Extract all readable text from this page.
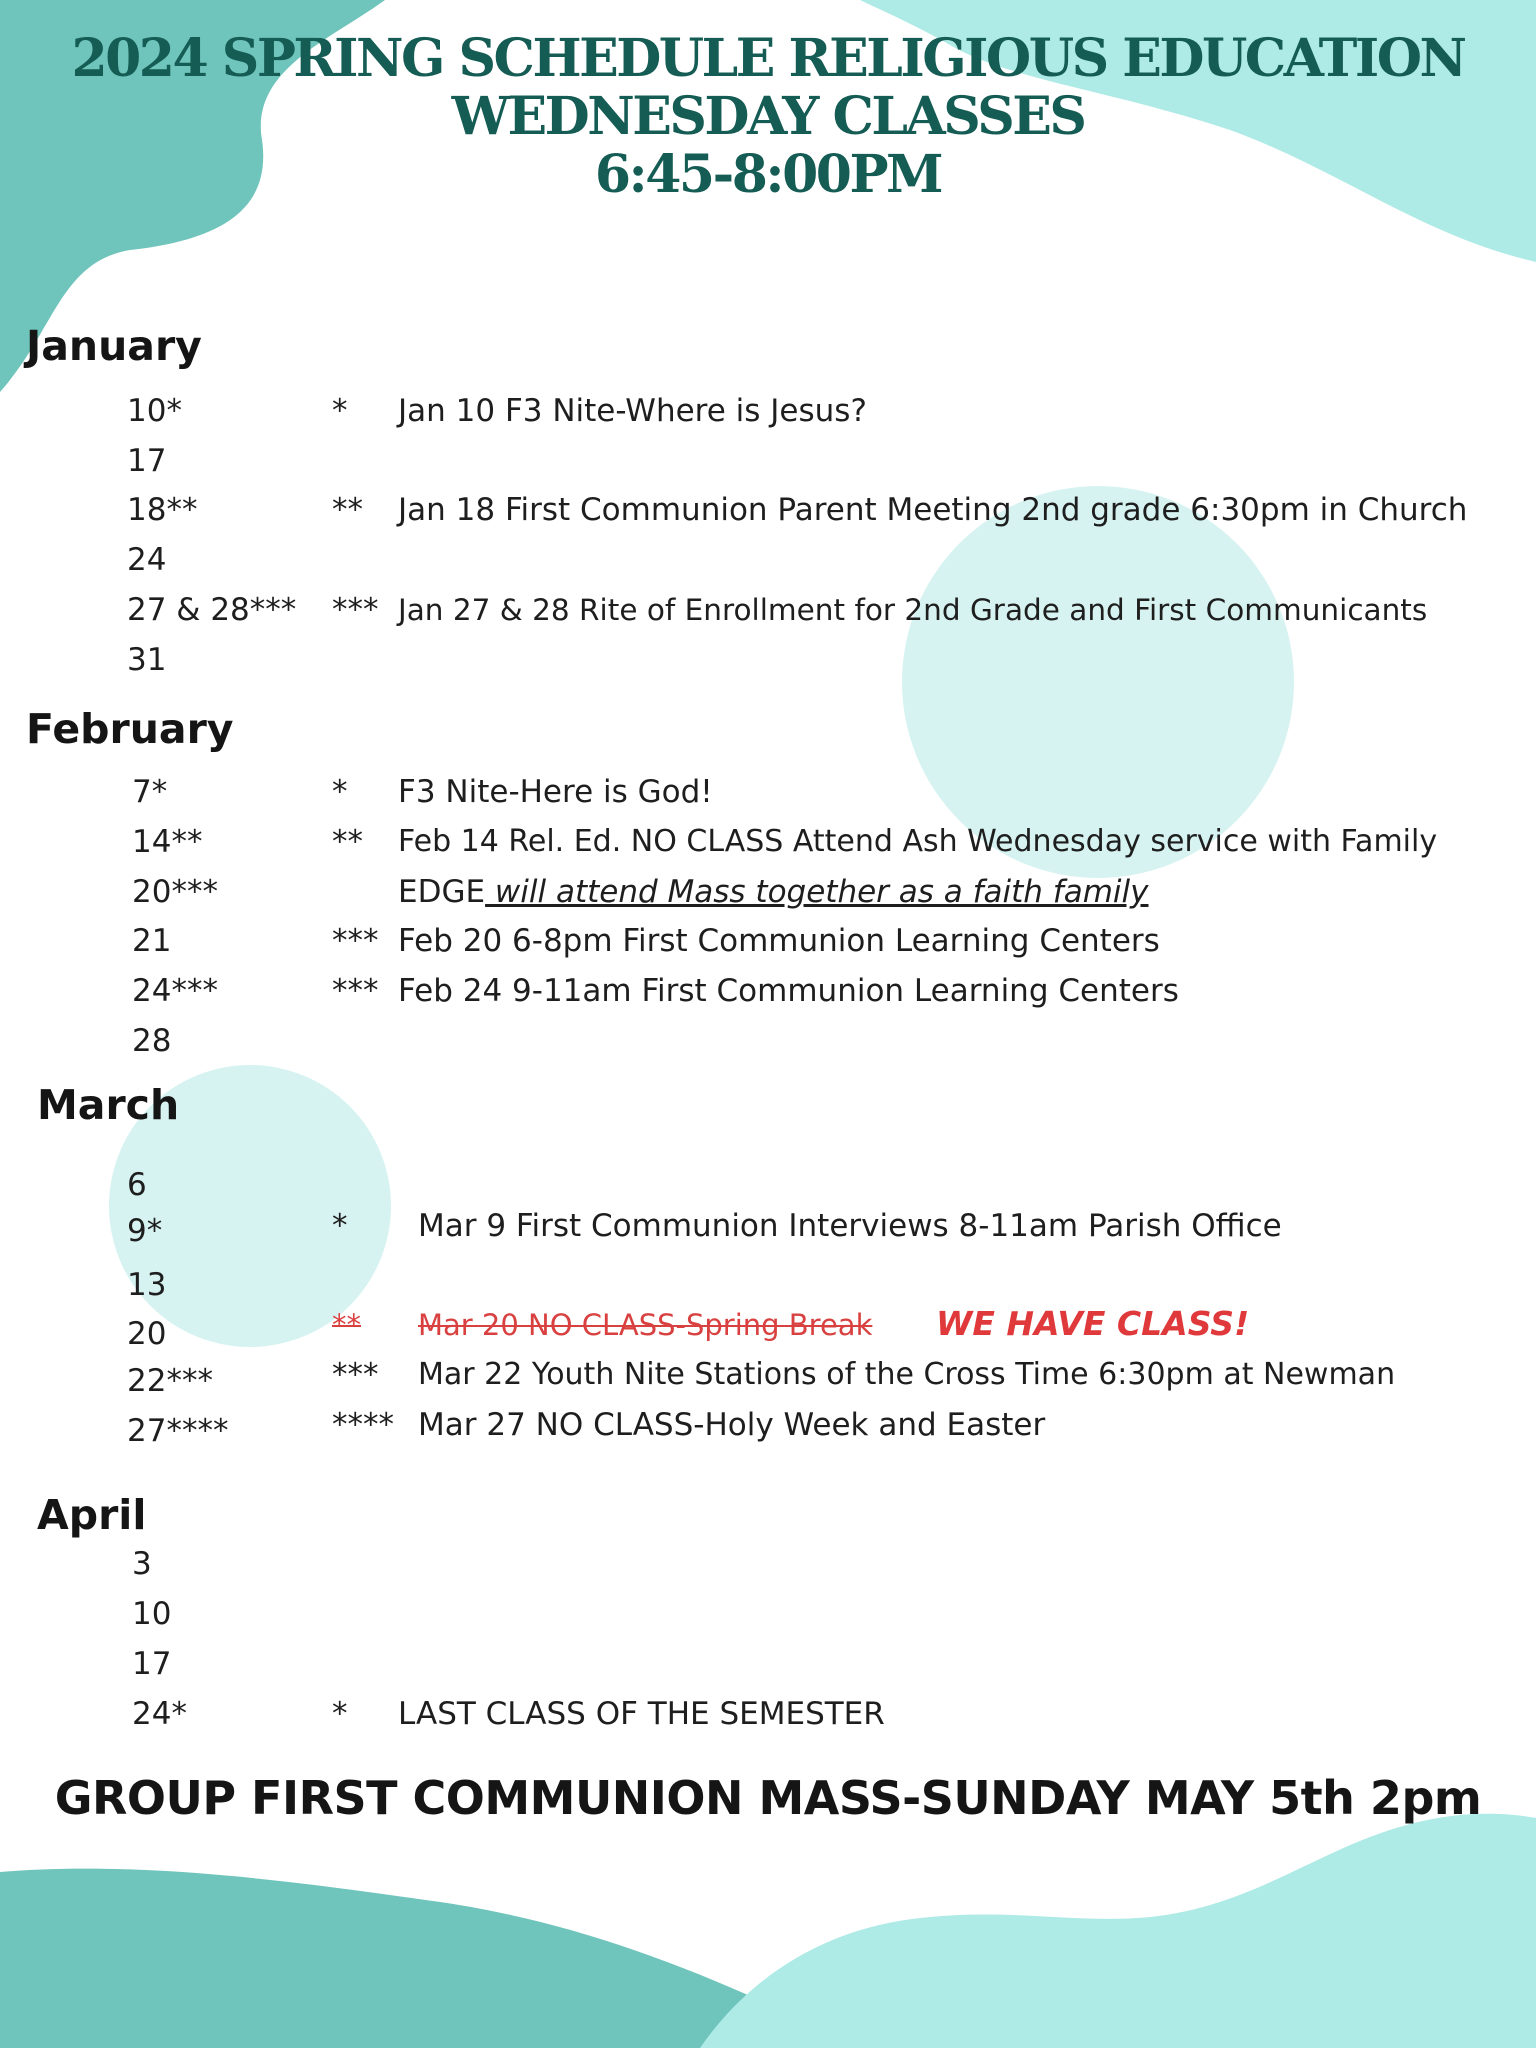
2024 SPRING SCHEDULE RELIGIOUS EDUCATION
WEDNESDAY CLASSES
6:45-8:00PM
January
10*
17
18**
24
27 & 28***
31
* Jan 10 F3 Nite-Where is Jesus?
** Jan 18 First Communion Parent Meeting 2nd grade 6:30pm in Church
*** Jan 27 & 28 Rite of Enrollment for 2nd Grade and First Communicants
February
7*
14**
20***
21
24***
28
* F3 Nite-Here is God!
** Feb 14 Rel. Ed. NO CLASS Attend Ash Wednesday service with Family
EDGE will attend Mass together as a faith family
*** Feb 20 6-8pm First Communion Learning Centers
*** Feb 24 9-11am First Communion Learning Centers
March
6
9*
13
20
22***
27****
* Mar 9 First Communion Interviews 8-11am Parish Office
** Mar 20 NO CLASS-Spring Break WE HAVE CLASS!
*** Mar 22 Youth Nite Stations of the Cross Time 6:30pm at Newman
**** Mar 27 NO CLASS-Holy Week and Easter
April
3
10
17
24*	* LAST CLASS OF THE SEMESTER
GROUP FIRST COMMUNION MASS-SUNDAY MAY 5th 2pm
